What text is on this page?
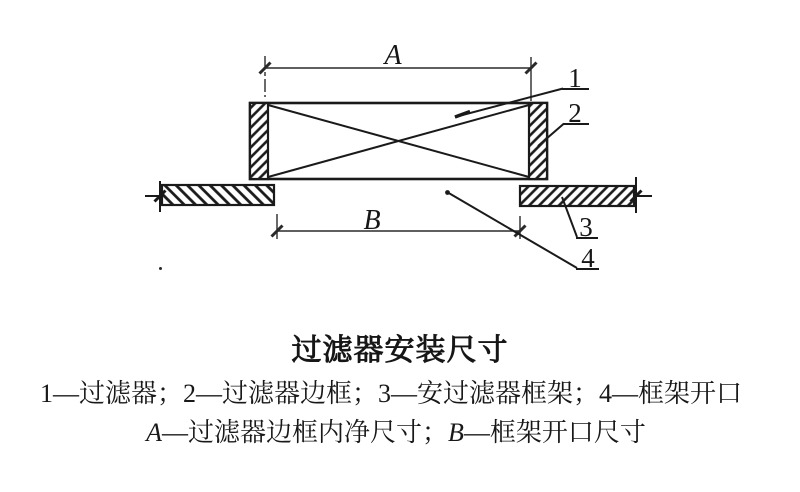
A
B
1
2
3
4
过滤器安装尺寸
1—过滤器；2—过滤器边框；3—安过滤器框架；4—框架开口
A—过滤器边框内净尺寸；B—框架开口尺寸
